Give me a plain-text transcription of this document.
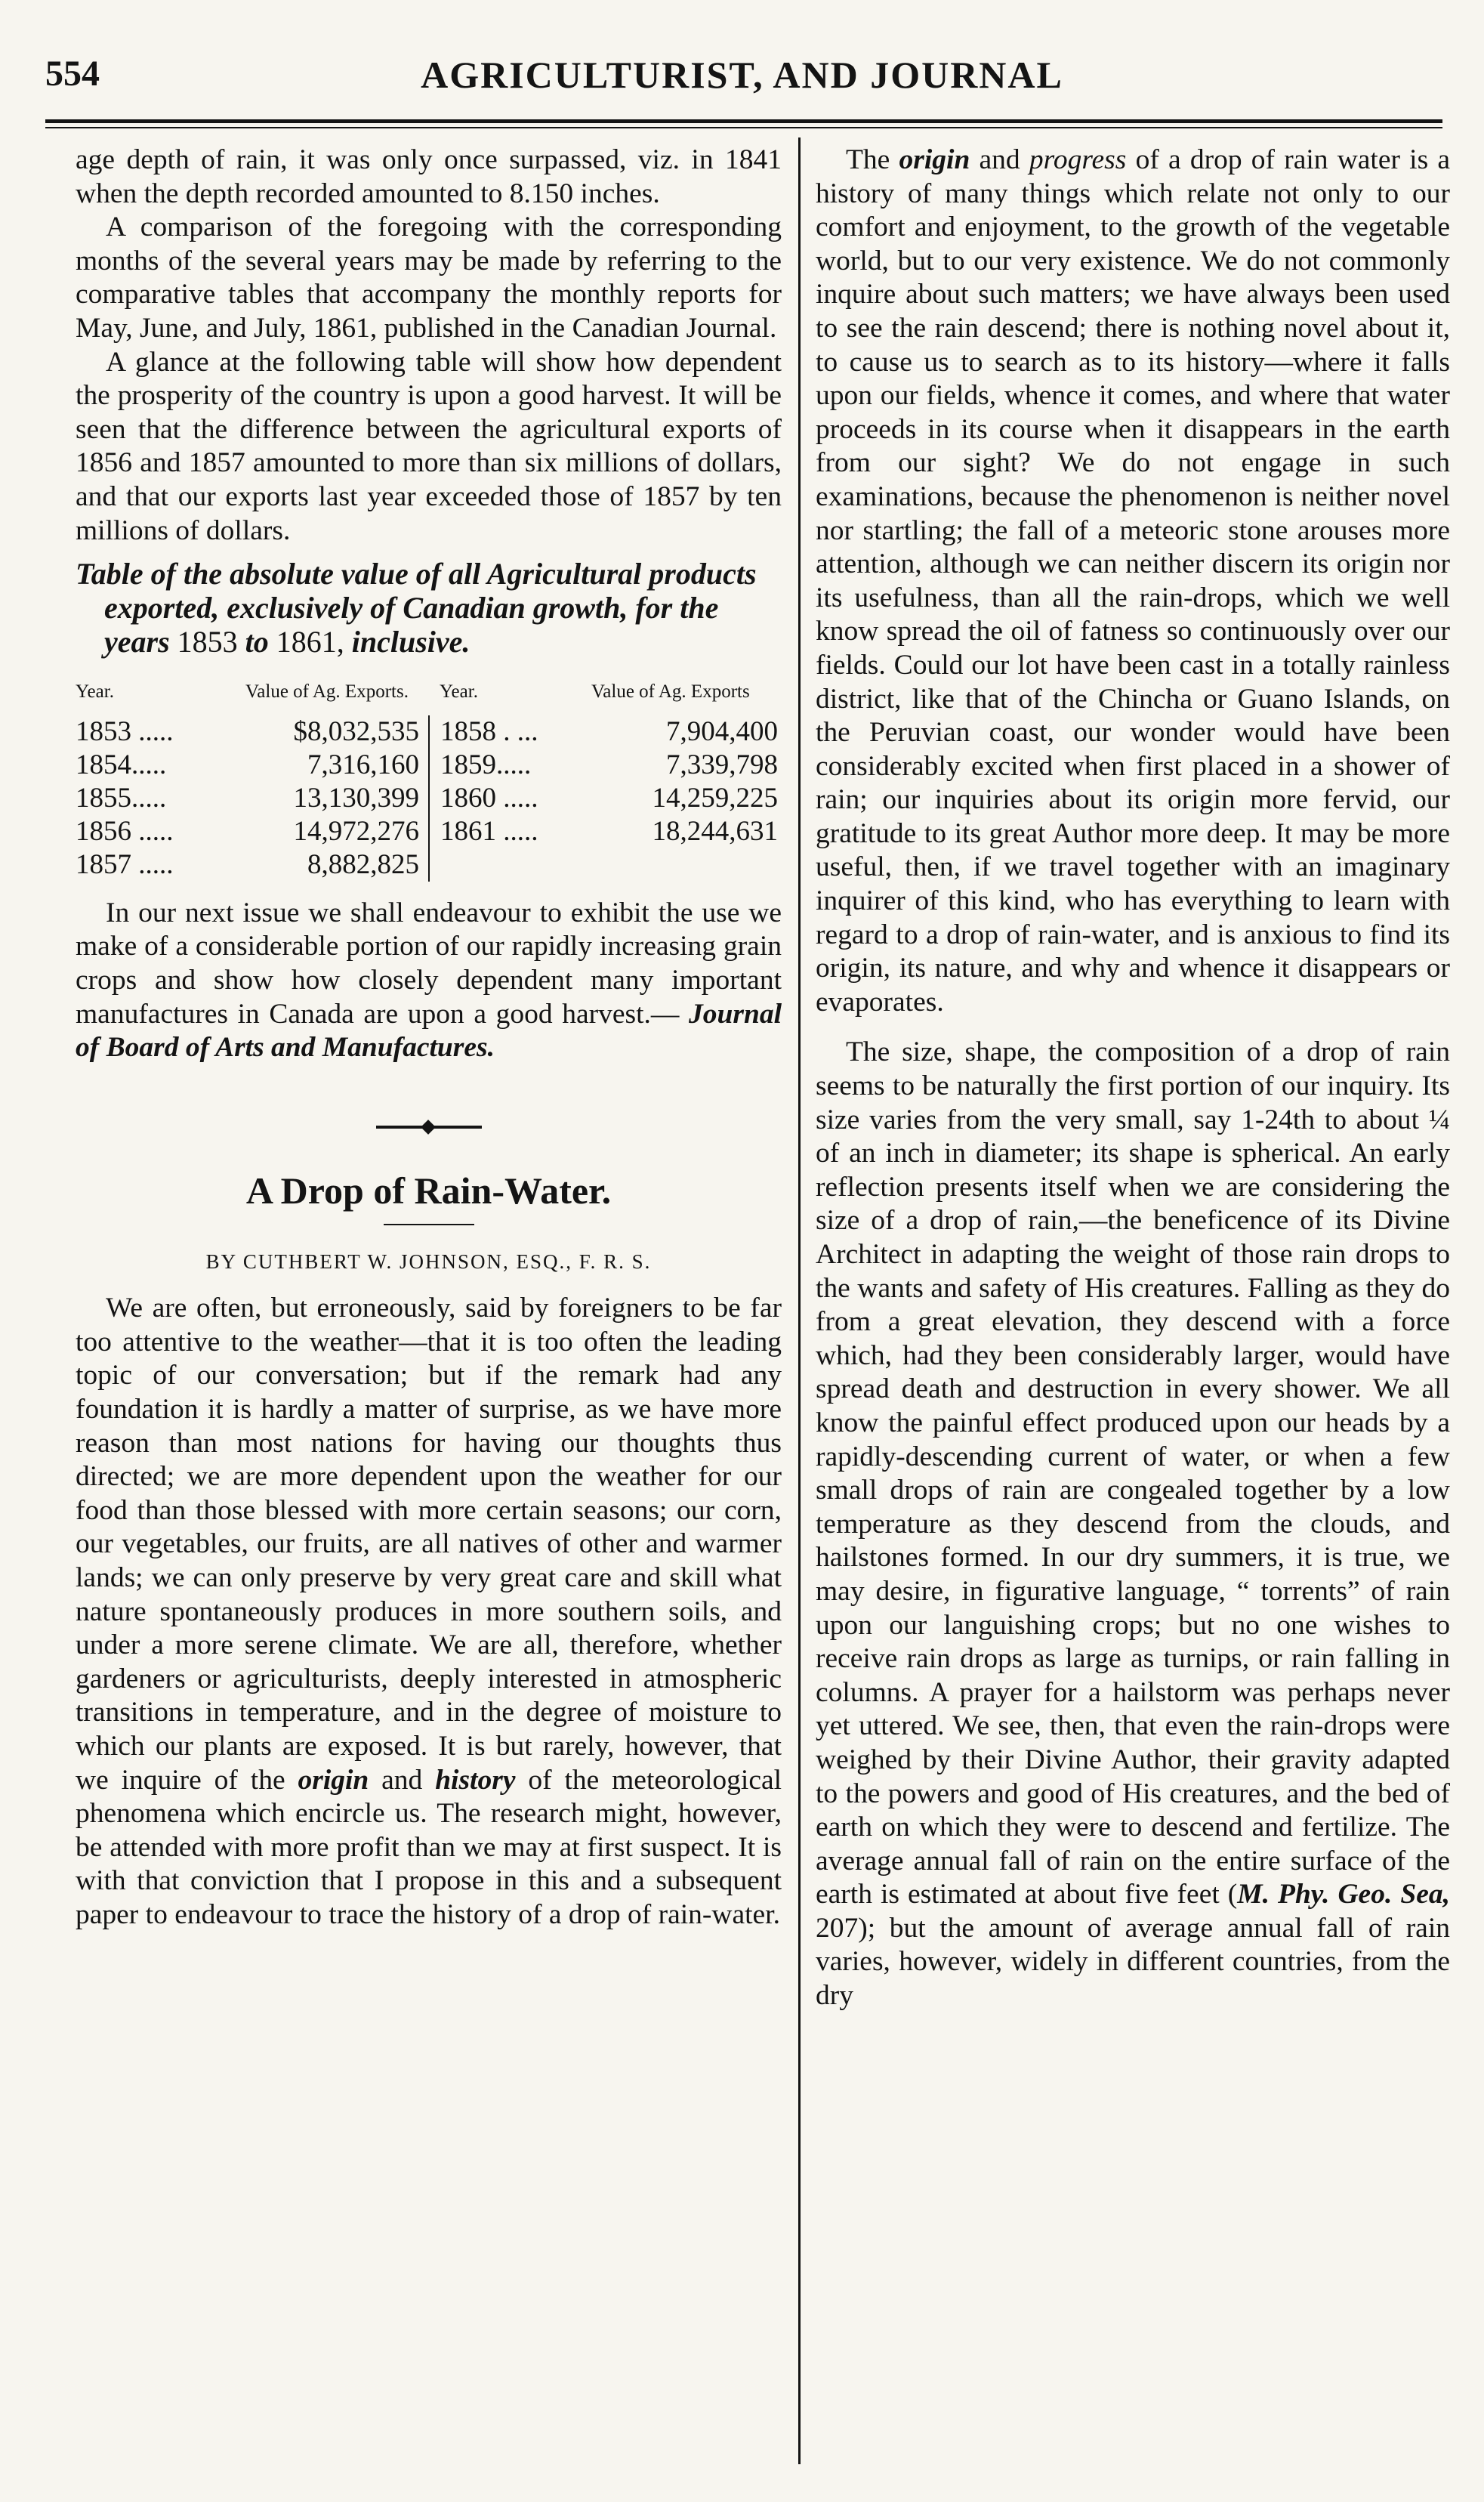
554	AGRICULTURIST, AND JOURNAL

age depth of rain, it was only once surpassed, viz. in 1841 when the depth recorded amounted to 8.150 inches.

A comparison of the foregoing with the corresponding months of the several years may be made by referring to the comparative tables that accompany the monthly reports for May, June, and July, 1861, published in the Canadian Journal.

A glance at the following table will show how dependent the prosperity of the country is upon a good harvest. It will be seen that the difference between the agricultural exports of 1856 and 1857 amounted to more than six millions of dollars, and that our exports last year exceeded those of 1857 by ten millions of dollars.

Table of the absolute value of all Agricultural products exported, exclusively of Canadian growth, for the years 1853 to 1861, inclusive.

Year.	Value of Ag. Exports.	Year.	Value of Ag. Exports
1853 .....	$8,032,535	1858 . ...	7,904,400
1854.....	7,316,160	1859.....	7,339,798
1855.....	13,130,399	1860 .....	14,259,225
1856 .....	14,972,276	1861 .....	18,244,631
1857 .....	8,882,825		

In our next issue we shall endeavour to exhibit the use we make of a considerable portion of our rapidly increasing grain crops and show how closely dependent many important manufactures in Canada are upon a good harvest.— Journal of Board of Arts and Manufactures.

A Drop of Rain-Water.
BY CUTHBERT W. JOHNSON, ESQ., F. R. S.

We are often, but erroneously, said by foreigners to be far too attentive to the weather—that it is too often the leading topic of our conversation; but if the remark had any foundation it is hardly a matter of surprise, as we have more reason than most nations for having our thoughts thus directed; we are more dependent upon the weather for our food than those blessed with more certain seasons; our corn, our vegetables, our fruits, are all natives of other and warmer lands; we can only preserve by very great care and skill what nature spontaneously produces in more southern soils, and under a more serene climate. We are all, therefore, whether gardeners or agriculturists, deeply interested in atmospheric transitions in temperature, and in the degree of moisture to which our plants are exposed. It is but rarely, however, that we inquire of the origin and history of the meteorological phenomena which encircle us. The research might, however, be attended with more profit than we may at first suspect. It is with that conviction that I propose in this and a subsequent paper to endeavour to trace the history of a drop of rain-water.

The origin and progress of a drop of rain water is a history of many things which relate not only to our comfort and enjoyment, to the growth of the vegetable world, but to our very existence. We do not commonly inquire about such matters; we have always been used to see the rain descend; there is nothing novel about it, to cause us to search as to its history—where it falls upon our fields, whence it comes, and where that water proceeds in its course when it disappears in the earth from our sight? We do not engage in such examinations, because the phenomenon is neither novel nor startling; the fall of a meteoric stone arouses more attention, although we can neither discern its origin nor its usefulness, than all the rain-drops, which we well know spread the oil of fatness so continuously over our fields. Could our lot have been cast in a totally rainless district, like that of the Chincha or Guano Islands, on the Peruvian coast, our wonder would have been considerably excited when first placed in a shower of rain; our inquiries about its origin more fervid, our gratitude to its great Author more deep. It may be more useful, then, if we travel together with an imaginary inquirer of this kind, who has everything to learn with regard to a drop of rain-water, and is anxious to find its origin, its nature, and why and whence it disappears or evaporates.

The size, shape, the composition of a drop of rain seems to be naturally the first portion of our inquiry. Its size varies from the very small, say 1-24th to about ¼ of an inch in diameter; its shape is spherical. An early reflection presents itself when we are considering the size of a drop of rain,—the beneficence of its Divine Architect in adapting the weight of those rain drops to the wants and safety of His creatures. Falling as they do from a great elevation, they descend with a force which, had they been considerably larger, would have spread death and destruction in every shower. We all know the painful effect produced upon our heads by a rapidly-descending current of water, or when a few small drops of rain are congealed together by a low temperature as they descend from the clouds, and hailstones formed. In our dry summers, it is true, we may desire, in figurative language, “ torrents” of rain upon our languishing crops; but no one wishes to receive rain drops as large as turnips, or rain falling in columns. A prayer for a hailstorm was perhaps never yet uttered. We see, then, that even the rain-drops were weighed by their Divine Author, their gravity adapted to the powers and good of His creatures, and the bed of earth on which they were to descend and fertilize. The average annual fall of rain on the entire surface of the earth is estimated at about five feet (M. Phy. Geo. Sea, 207); but the amount of average annual fall of rain varies, however, widely in different countries, from the dry
